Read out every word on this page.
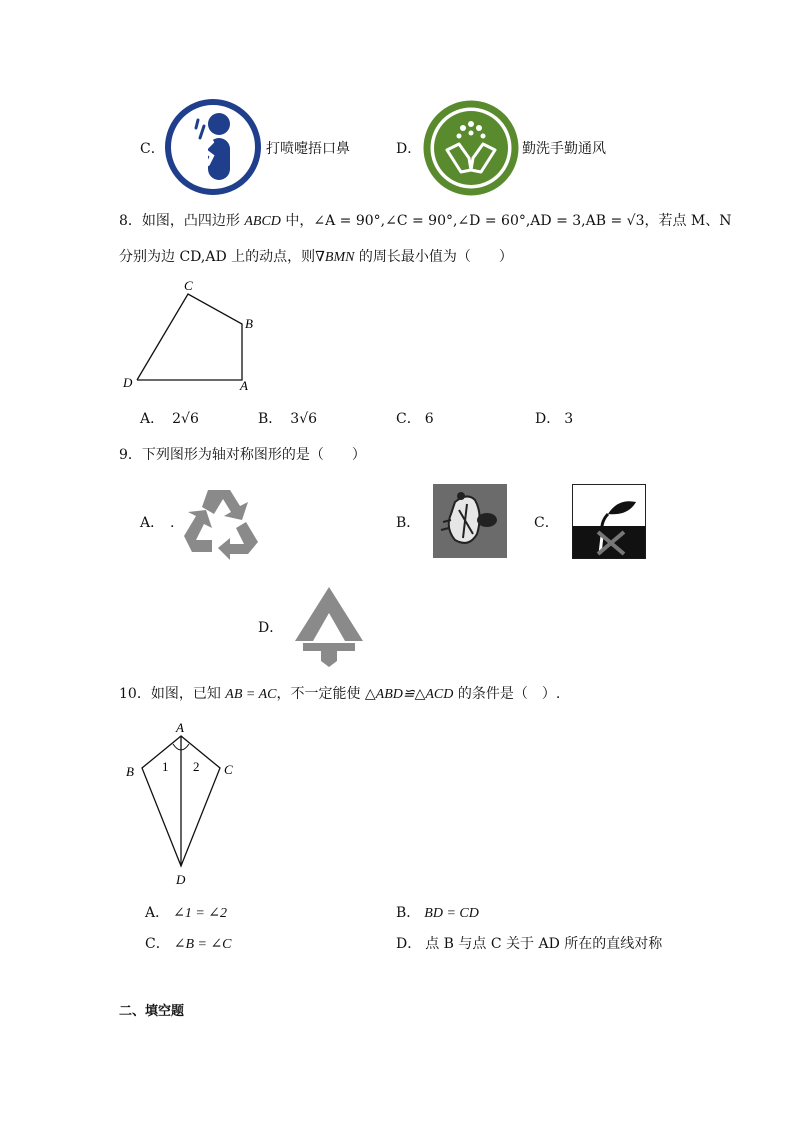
C．	打喷嚏捂口鼻	D．	勤洗手勤通风
8．如图，凸四边形 ABCD 中，∠A = 90°,∠C = 90°,∠D = 60°,AD = 3,AB = √3，若点 M、N
分别为边 CD,AD 上的动点，则∇BMN 的周长最小值为（　　）
C
B
D	A
A． 2√6	B． 3√6	C． 6	D． 3
9．下列图形为轴对称图形的是（　　）
A． .	B．	C．
D．
10．如图，已知 AB = AC，不一定能使 △ABD≌△ACD 的条件是（　）.
A
B	C
D
1 2
A． ∠1 = ∠2	B． BD = CD
C． ∠B = ∠C	D． 点 B 与点 C 关于 AD 所在的直线对称
二、填空题
